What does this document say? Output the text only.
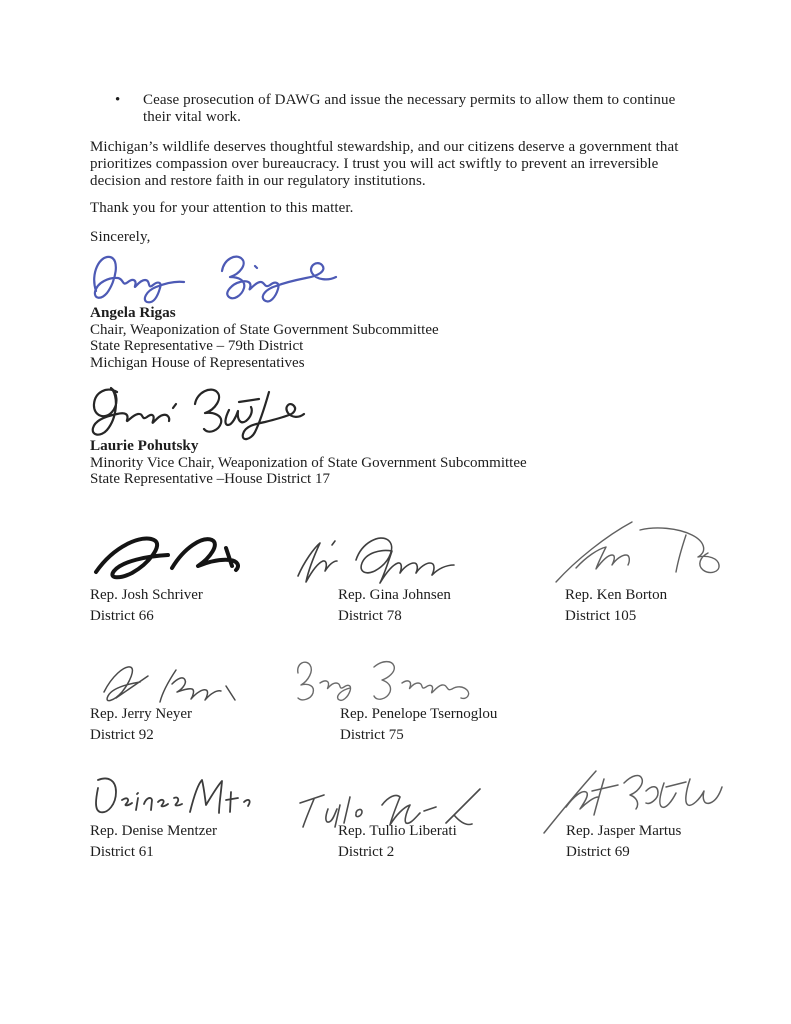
•	Cease prosecution of DAWG and issue the necessary permits to allow them to continue
their vital work.
Michigan’s wildlife deserves thoughtful stewardship, and our citizens deserve a government that
prioritizes compassion over bureaucracy. I trust you will act swiftly to prevent an irreversible
decision and restore faith in our regulatory institutions.
Thank you for your attention to this matter.
Sincerely,
Angela Rigas
Chair, Weaponization of State Government Subcommittee
State Representative – 79th District
Michigan House of Representatives
Laurie Pohutsky
Minority Vice Chair, Weaponization of State Government Subcommittee
State Representative –House District 17
Rep. Josh Schriver
District 66
Rep. Gina Johnsen
District 78
Rep. Ken Borton
District 105
Rep. Jerry Neyer
District 92
Rep. Penelope Tsernoglou
District 75
Rep. Denise Mentzer
District 61
Rep. Tullio Liberati
District 2
Rep. Jasper Martus
District 69
